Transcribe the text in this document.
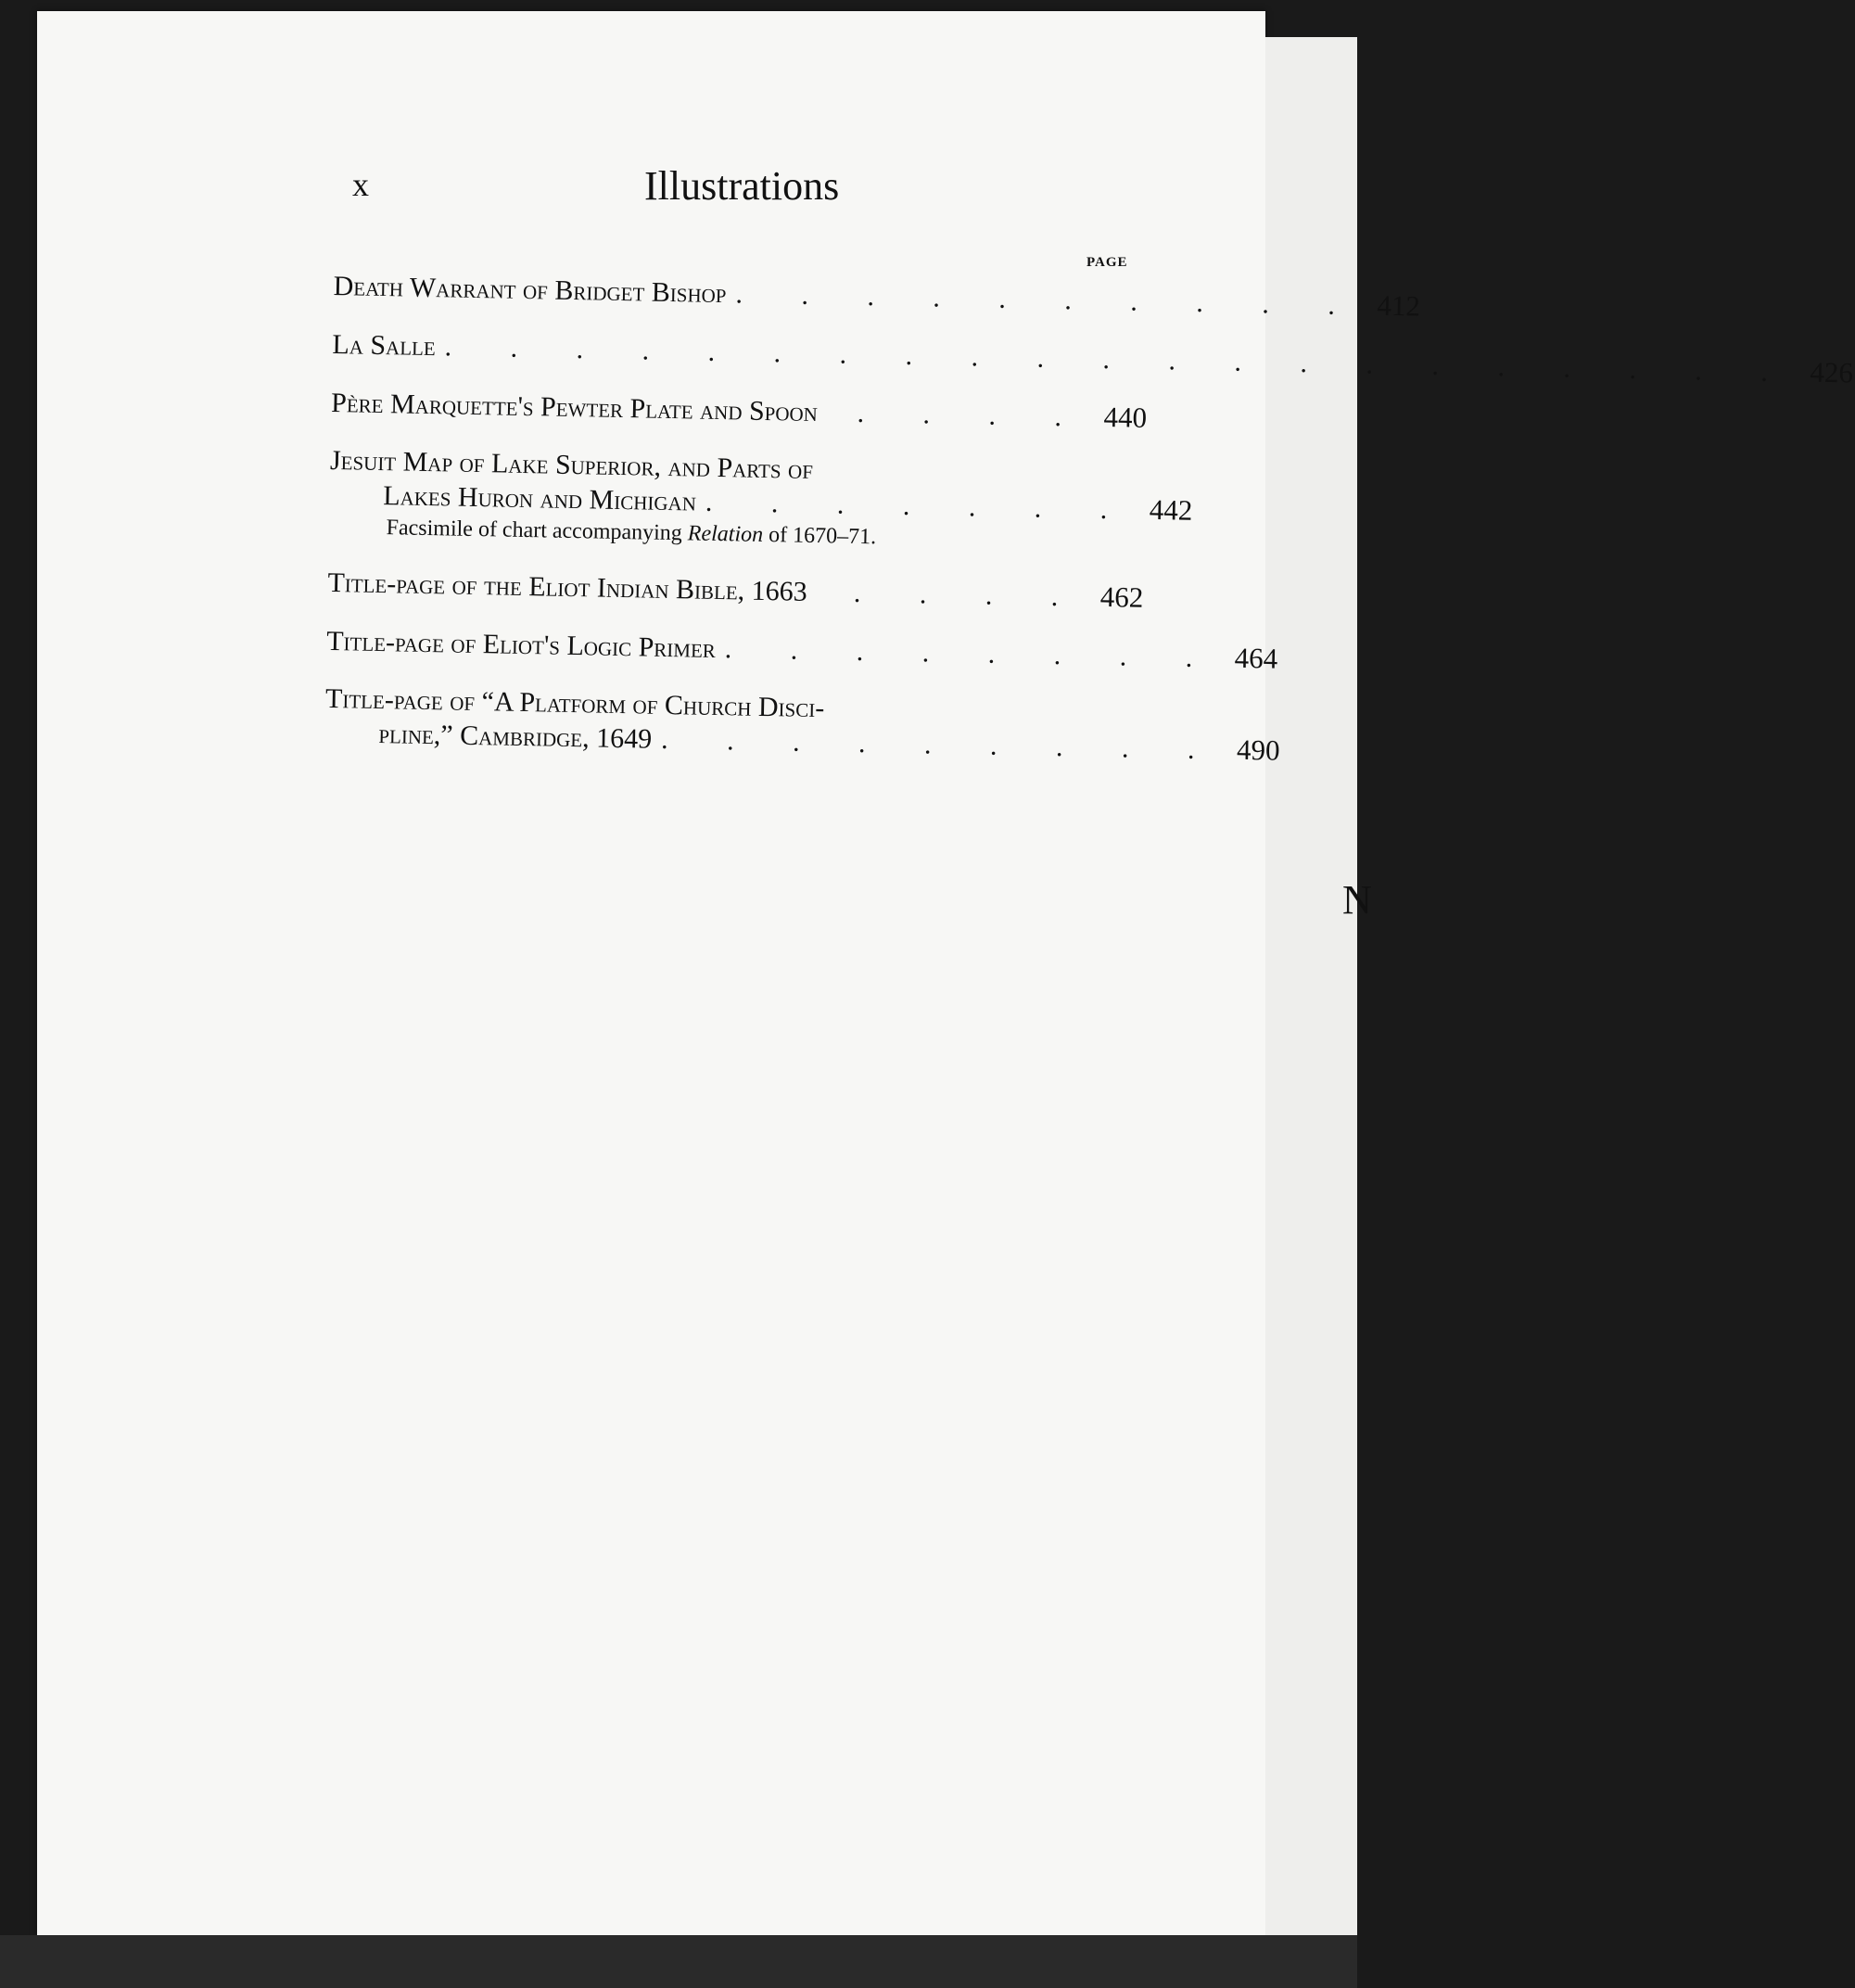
N
x	Illustrations
PAGE
Death Warrant of Bridget Bishop . . . . . . . . . . 412
La Salle . . . . . . . . . . . . . . . . . . . . . 426
Père Marquette's Pewter Plate and Spoon	. . . . 440
Jesuit Map of Lake Superior, and Parts of
Lakes Huron and Michigan . . . . . . . 442
Facsimile of chart accompanying Relation of 1670–71.
Title-page of the Eliot Indian Bible, 1663	. . . . 462
Title-page of Eliot's Logic Primer . . . . . . . . 464
Title-page of “A Platform of Church Disci-
pline,” Cambridge, 1649 . . . . . . . . . 490
